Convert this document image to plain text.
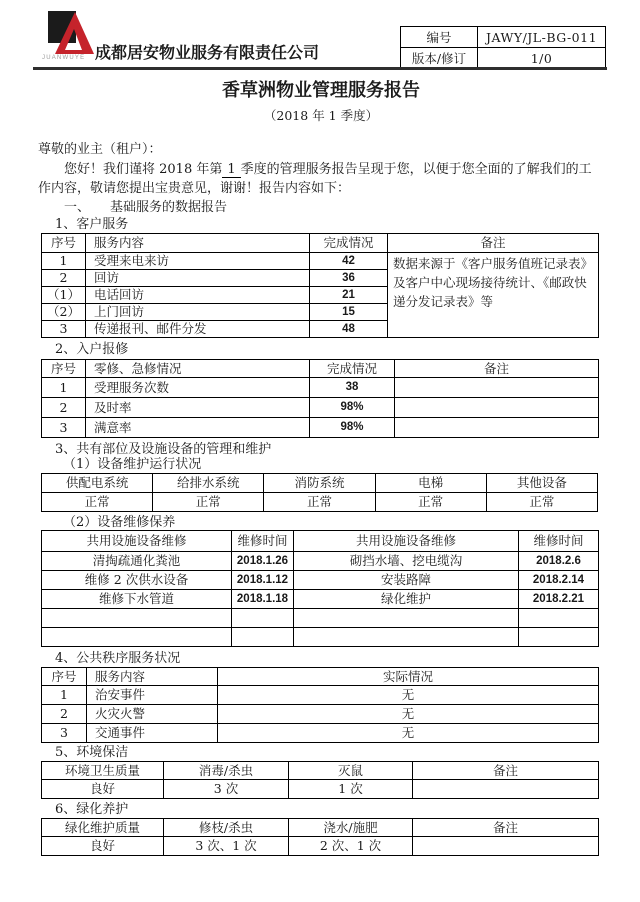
JUANWUYE 成都居安物业服务有限责任公司
编号	JAWY/JL-BG-011
版本/修订	1/0
香草洲物业管理服务报告
（2018 年 1 季度）
尊敬的业主（租户）：
您好！我们谨将 2018 年第 1 季度的管理服务报告呈现于您，以便于您全面的了解我们的工作内容，敬请您提出宝贵意见，谢谢！报告内容如下：
一、 基础服务的数据报告
1、客户服务
序号	服务内容	完成情况	备注
1	受理来电来访	42	数据来源于《客户服务值班记录表》及客户中心现场接待统计、《邮政快递分发记录表》等
2	回访	36	
（1）	电话回访	21	
（2）	上门回访	15	
3	传递报刊、邮件分发	48	
2、入户报修
序号	零修、急修情况	完成情况	备注
1	受理服务次数	38	
2	及时率	98%	
3	满意率	98%	
3、共有部位及设施设备的管理和维护
（1）设备维护运行状况
供配电系统	给排水系统	消防系统	电梯	其他设备
正常	正常	正常	正常	正常
（2）设备维修保养
共用设施设备维修	维修时间	共用设施设备维修	维修时间
清掏疏通化粪池	2018.1.26	砌挡水墙、挖电缆沟	2018.2.6
维修 2 次供水设备	2018.1.12	安装路障	2018.2.14
维修下水管道	2018.1.18	绿化维护	2018.2.21

4、公共秩序服务状况
序号	服务内容	实际情况
1	治安事件	无
2	火灾火警	无
3	交通事件	无
5、环境保洁
环境卫生质量	消毒/杀虫	灭鼠	备注
良好	3 次	1 次	
6、绿化养护
绿化维护质量	修枝/杀虫	浇水/施肥	备注
良好	3 次、1 次	2 次、1 次	
